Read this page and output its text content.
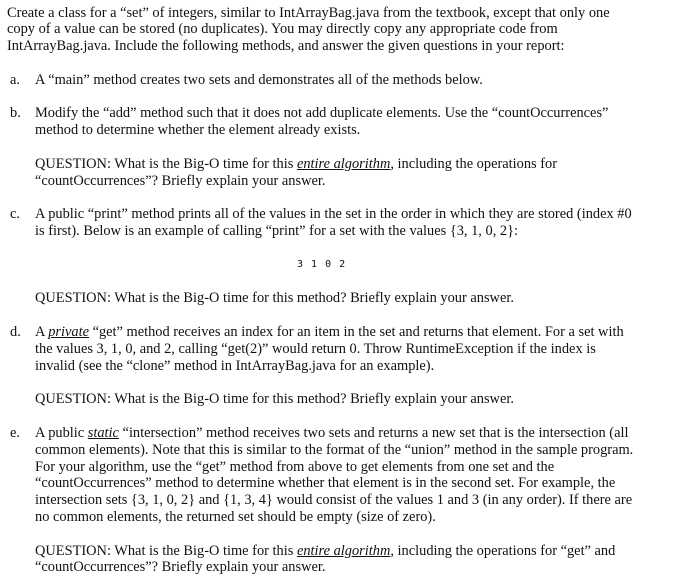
Create a class for a “set” of integers, similar to IntArrayBag.java from the textbook, except that only one
copy of a value can be stored (no duplicates). You may directly copy any appropriate code from
IntArrayBag.java. Include the following methods, and answer the given questions in your report:
a. A “main” method creates two sets and demonstrates all of the methods below.
b. Modify the “add” method such that it does not add duplicate elements. Use the “countOccurrences”
method to determine whether the element already exists.
QUESTION: What is the Big-O time for this entire algorithm, including the operations for
“countOccurrences”? Briefly explain your answer.
c. A public “print” method prints all of the values in the set in the order in which they are stored (index #0
is first). Below is an example of calling “print” for a set with the values {3, 1, 0, 2}:
3 1 0 2
QUESTION: What is the Big-O time for this method? Briefly explain your answer.
d. A private “get” method receives an index for an item in the set and returns that element. For a set with
the values 3, 1, 0, and 2, calling “get(2)” would return 0. Throw RuntimeException if the index is
invalid (see the “clone” method in IntArrayBag.java for an example).
QUESTION: What is the Big-O time for this method? Briefly explain your answer.
e. A public static “intersection” method receives two sets and returns a new set that is the intersection (all
common elements). Note that this is similar to the format of the “union” method in the sample program.
For your algorithm, use the “get” method from above to get elements from one set and the
“countOccurrences” method to determine whether that element is in the second set. For example, the
intersection sets {3, 1, 0, 2} and {1, 3, 4} would consist of the values 1 and 3 (in any order). If there are
no common elements, the returned set should be empty (size of zero).
QUESTION: What is the Big-O time for this entire algorithm, including the operations for “get” and
“countOccurrences”? Briefly explain your answer.
